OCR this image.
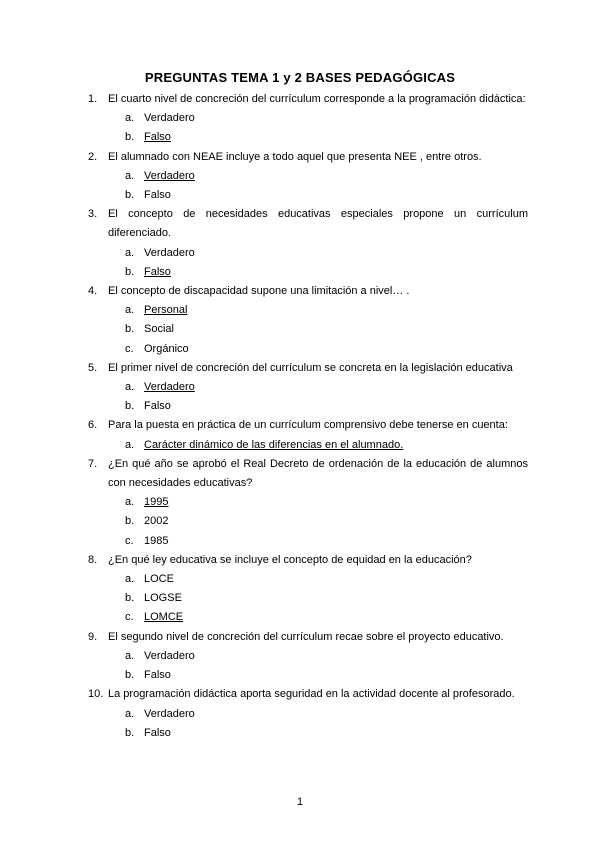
PREGUNTAS TEMA 1 y 2 BASES PEDAGÓGICAS
1. El cuarto nivel de concreción del currículum corresponde a la programación didáctica:
a. Verdadero
b. Falso
2. El alumnado con NEAE incluye a todo aquel que presenta NEE , entre otros.
a. Verdadero
b. Falso
3. El concepto de necesidades educativas especiales propone un currículum diferenciado.
a. Verdadero
b. Falso
4. El concepto de discapacidad supone una limitación a nivel… .
a. Personal
b. Social
c. Orgánico
5. El primer nivel de concreción del currículum se concreta en la legislación educativa
a. Verdadero
b. Falso
6. Para la puesta en práctica de un currículum comprensivo debe tenerse en cuenta:
a. Carácter dinámico de las diferencias en el alumnado.
7. ¿En qué año se aprobó el Real Decreto de ordenación de la educación de alumnos con necesidades educativas?
a. 1995
b. 2002
c. 1985
8. ¿En qué ley educativa se incluye el concepto de equidad en la educación?
a. LOCE
b. LOGSE
c. LOMCE
9. El segundo nivel de concreción del currículum recae sobre el proyecto educativo.
a. Verdadero
b. Falso
10. La programación didáctica aporta seguridad en la actividad docente al profesorado.
a. Verdadero
b. Falso
1
